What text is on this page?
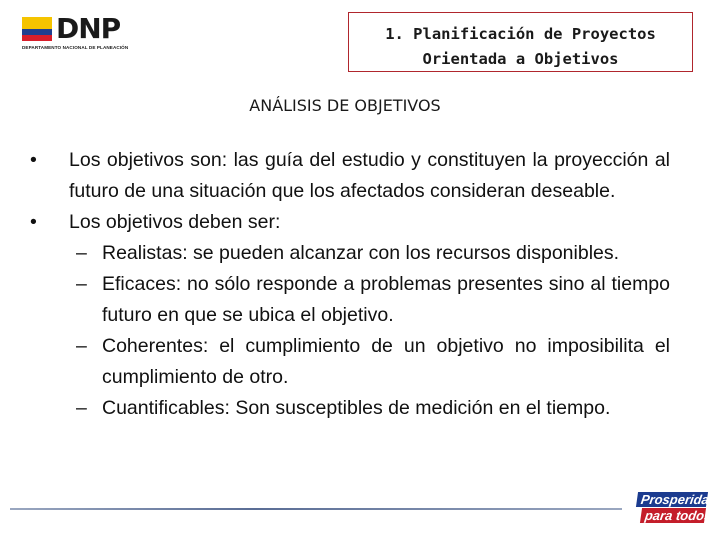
DNP
DEPARTAMENTO NACIONAL DE PLANEACIÓN
1. Planificación de Proyectos
Orientada a Objetivos
ANÁLISIS DE OBJETIVOS

• Los objetivos son: las guía del estudio y constituyen la proyección al futuro de una situación que los afectados consideran deseable.

• Los objetivos deben ser:

– Realistas: se pueden alcanzar con los recursos disponibles.

– Eficaces: no sólo responde a problemas presentes sino al tiempo futuro en que se ubica el objetivo.

– Coherentes: el cumplimiento de un objetivo no imposibilita el cumplimiento de otro.

– Cuantificables: Son susceptibles de medición en el tiempo.

Prosperidad
para todos
